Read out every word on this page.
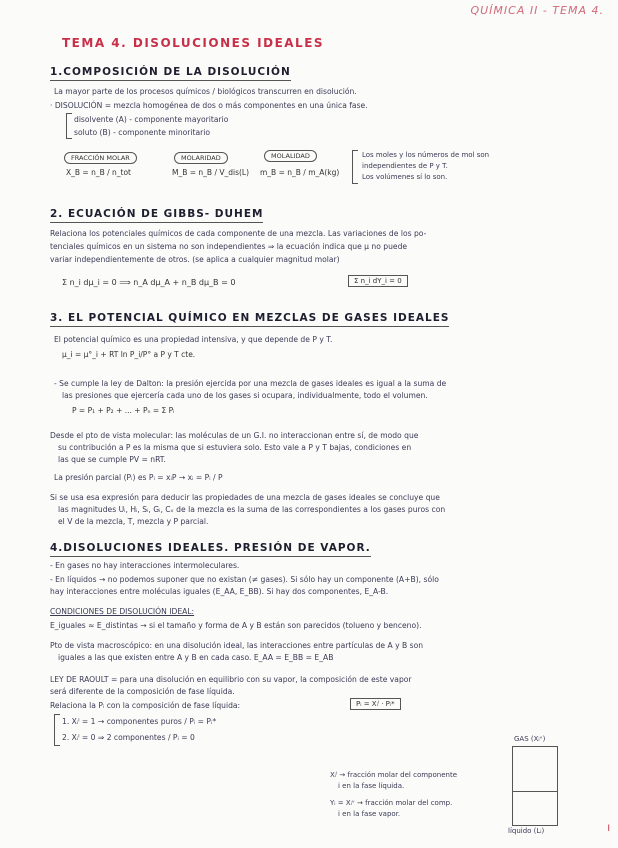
QUÍMICA II - TEMA 4.
TEMA 4. DISOLUCIONES IDEALES
1.COMPOSICIÓN DE LA DISOLUCIÓN
La mayor parte de los procesos químicos / biológicos transcurren en disolución.
· DISOLUCIÓN = mezcla homogénea de dos o más componentes en una única fase.
disolvente (A) - componente mayoritario
soluto (B) - componente minoritario
FRACCIÓN MOLAR
X_B = n_B / n_tot
MOLARIDAD
M_B = n_B / V_dis(L)
MOLALIDAD
m_B = n_B / m_A(kg)
Los moles y los números de mol son
independientes de P y T.
Los volúmenes sí lo son.
2. ECUACIÓN DE GIBBS- DUHEM
Relaciona los potenciales químicos de cada componente de una mezcla. Las variaciones de los po-
tenciales químicos en un sistema no son independientes ⇒ la ecuación indica que μ no puede
variar independientemente de otros. (se aplica a cualquier magnitud molar)
Σ n_i dμ_i = 0 ⟹ n_A dμ_A + n_B dμ_B = 0	Σ n_i dY_i = 0
3. EL POTENCIAL QUÍMICO EN MEZCLAS DE GASES IDEALES
El potencial químico es una propiedad intensiva, y que depende de P y T.
μ_i = μ°_i + RT ln P_i/P° a P y T cte.
- Se cumple la ley de Dalton: la presión ejercida por una mezcla de gases ideales es igual a la suma de
las presiones que ejercería cada uno de los gases si ocupara, individualmente, todo el volumen.
P = P₁ + P₂ + ... + Pₙ = Σ Pᵢ
Desde el pto de vista molecular: las moléculas de un G.I. no interaccionan entre sí, de modo que
su contribución a P es la misma que si estuviera solo. Esto vale a P y T bajas, condiciones en
las que se cumple PV = nRT.
La presión parcial (Pᵢ) es Pᵢ = xᵢP → xᵢ = Pᵢ / P
Si se usa esa expresión para deducir las propiedades de una mezcla de gases ideales se concluye que
las magnitudes Uᵢ, Hᵢ, Sᵢ, Gᵢ, Cᵥ de la mezcla es la suma de las correspondientes a los gases puros con
el V de la mezcla, T, mezcla y P parcial.
4.DISOLUCIONES IDEALES. PRESIÓN DE VAPOR.
- En gases no hay interacciones intermoleculares.
- En líquidos → no podemos suponer que no existan (≠ gases). Si sólo hay un componente (A+B), sólo
hay interacciones entre moléculas iguales (E_AA, E_BB). Si hay dos componentes, E_A-B.
CONDICIONES DE DISOLUCIÓN IDEAL:
E_iguales ≈ E_distintas → si el tamaño y forma de A y B están son parecidos (tolueno y benceno).
Pto de vista macroscópico: en una disolución ideal, las interacciones entre partículas de A y B son
iguales a las que existen entre A y B en cada caso. E_AA = E_BB = E_AB
LEY DE RAOULT = para una disolución en equilibrio con su vapor, la composición de este vapor
será diferente de la composición de fase líquida.
Relaciona la Pᵢ con la composición de fase líquida:	Pᵢ = Xᵢˡ · Pᵢ*
1. Xᵢˡ = 1 → componentes puros / Pᵢ = Pᵢ*
2. Xᵢˡ = 0 ⇒ 2 componentes / Pᵢ = 0
Xᵢˡ → fracción molar del componente
i en la fase líquida.
Yᵢ = Xᵢᵛ → fracción molar del comp.
i en la fase vapor.
GAS (Xᵢᵛ)
líquido (Lᵢ)	I
